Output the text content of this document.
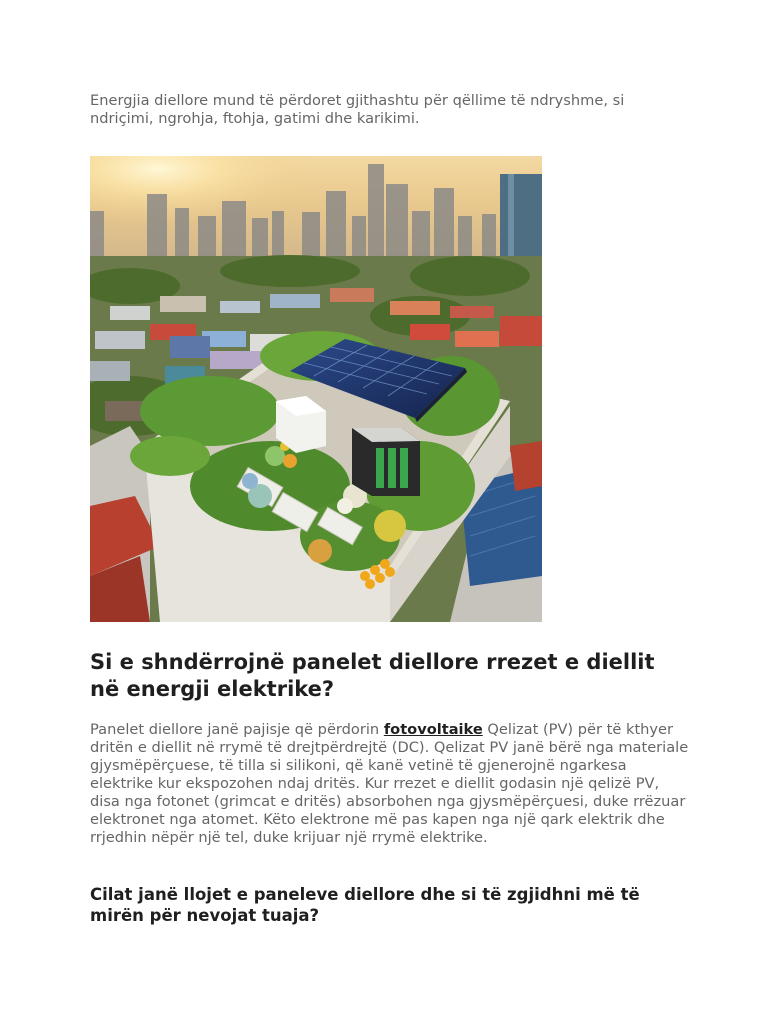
Energjia diellore mund të përdoret gjithashtu për qëllime të ndryshme, si ndriçimi, ngrohja, ftohja, gatimi dhe karikimi.

Si e shndërrojnë panelet diellore rrezet e diellit në energji elektrike?

Panelet diellore janë pajisje që përdorin fotovoltaike Qelizat (PV) për të kthyer dritën e diellit në rrymë të drejtpërdrejtë (DC). Qelizat PV janë bërë nga materiale gjysmëpërçuese, të tilla si silikoni, që kanë vetinë të gjenerojnë ngarkesa elektrike kur ekspozohen ndaj dritës. Kur rrezet e diellit godasin një qelizë PV, disa nga fotonet (grimcat e dritës) absorbohen nga gjysmëpërçuesi, duke rrëzuar elektronet nga atomet. Këto elektrone më pas kapen nga një qark elektrik dhe rrjedhin nëpër një tel, duke krijuar një rrymë elektrike.

Cilat janë llojet e paneleve diellore dhe si të zgjidhni më të mirën për nevojat tuaja?
